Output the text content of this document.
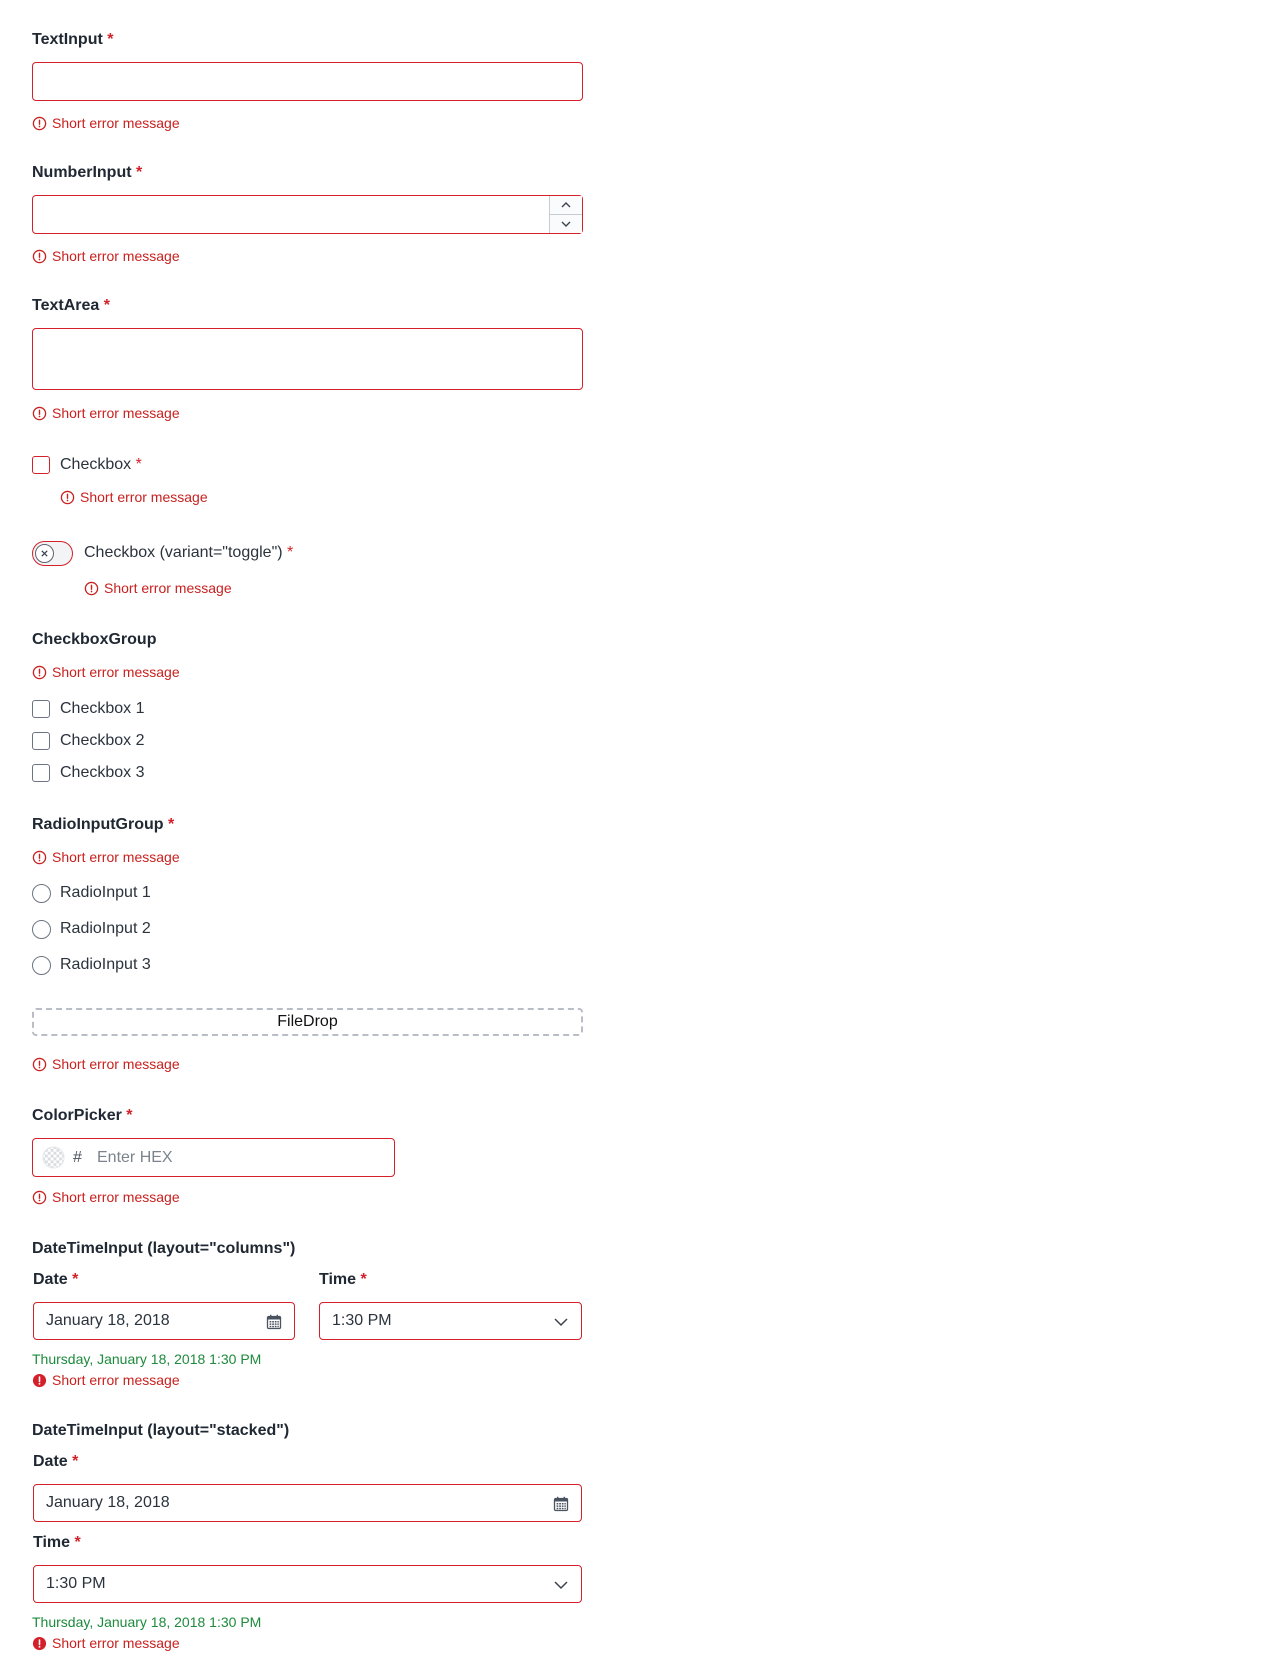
TextInput *
Short error message
NumberInput *
Short error message
TextArea *
Short error message
Checkbox *
Short error message
Checkbox (variant="toggle") *
Short error message
CheckboxGroup
Short error message
Checkbox 1
Checkbox 2
Checkbox 3
RadioInputGroup *
Short error message
RadioInput 1
RadioInput 2
RadioInput 3
FileDrop
Short error message
ColorPicker *
# Enter HEX
Short error message
DateTimeInput (layout="columns")
Date *	Time *
January 18, 2018	1:30 PM
Thursday, January 18, 2018 1:30 PM
Short error message
DateTimeInput (layout="stacked")
Date *
January 18, 2018
Time *
1:30 PM
Thursday, January 18, 2018 1:30 PM
Short error message
